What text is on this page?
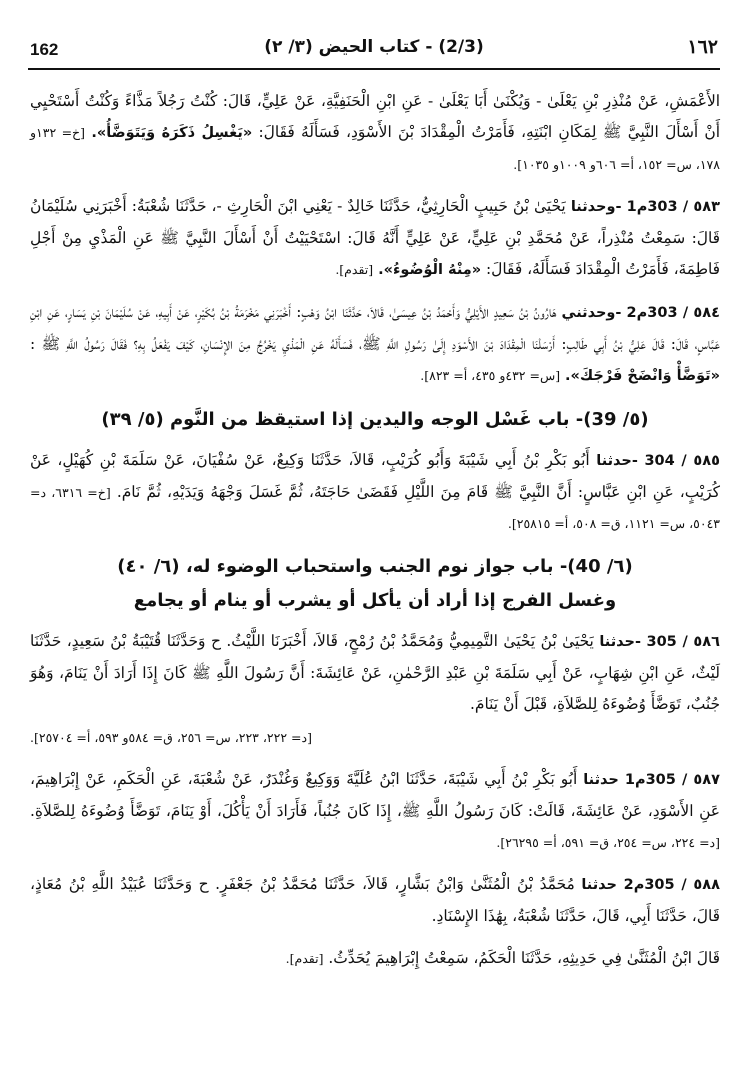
162	(2/3) - كتاب الحيض (٣/ ٢)	١٦٢

الأَعْمَشِ، عَنْ مُنْذِرِ بْنِ يَعْلَىٰ - وَيُكْنَىٰ أَبَا يَعْلَىٰ - عَنِ ابْنِ الْحَنَفِيَّةِ، عَنْ عَلِيٍّ، قَالَ: كُنْتُ رَجُلاً مَذَّاءً وَكُنْتُ أَسْتَحْيِي أَنْ أَسْأَلَ النَّبِيَّ ﷺ لِمَكَانِ ابْنَتِهِ، فَأَمَرْتُ الْمِقْدَادَ بْنَ الأَسْوَدِ، فَسَأَلَهُ فَقَالَ: «يَغْسِلُ ذَكَرَهُ وَيَتَوَضَّأُ». [خ= ١٣٢و ١٧٨، س= ١٥٢، أ= ٦٠٦و ١٠٠٩و ١٠٣٥].

٥٨٣ / 303م1 -وحدثنا يَحْيَىٰ بْنُ حَبِيبٍ الْحَارِثِيُّ، حَدَّثَنَا خَالِدٌ - يَعْنِي ابْنَ الْحَارِثِ -، حَدَّثَنَا شُعْبَةُ: أَخْبَرَنِي سُلَيْمَانُ قَالَ: سَمِعْتُ مُنْذِراً، عَنْ مُحَمَّدِ بْنِ عَلِيٍّ، عَنْ عَلِيٍّ أَنَّهُ قَالَ: اسْتَحْيَيْتُ أَنْ أَسْأَلَ النَّبِيَّ ﷺ عَنِ الْمَذْيِ مِنْ أَجْلِ فَاطِمَةَ، فَأَمَرْتُ الْمِقْدَادَ فَسَأَلَهُ، فَقَالَ: «مِنْهُ الْوُضُوءُ». [تقدم].

٥٨٤ / 303م2 -وحدثني هَارُونُ بْنُ سَعِيدٍ الأَيْلِيُّ وَأَحْمَدُ بْنُ عِيسَىٰ، قَالاَ، حَدَّثَنَا ابْنُ وَهْبٍ: أَخْبَرَنِي مَخْرَمَةُ بْنُ بُكَيْرٍ، عَنْ أَبِيهِ، عَنْ سُلَيْمَانَ بْنِ يَسَارٍ، عَنِ ابْنِ عَبَّاسٍ، قَالَ: قَالَ عَلِيُّ بْنُ أَبِي طَالِبٍ: أَرْسَلْنَا الْمِقْدَادَ بْنَ الأَسْوَدِ إِلَىٰ رَسُولِ اللَّهِ ﷺ، فَسَأَلَهُ عَنِ الْمَذْيِ يَخْرُجُ مِنَ الإِنْسَانِ، كَيْفَ يَفْعَلُ بِهِ؟ فَقَالَ رَسُولُ اللَّهِ ﷺ : «تَوَضَّأْ وَانْضَحْ فَرْجَكَ». [س= ٤٣٢و ٤٣٥، أ= ٨٢٣].

(٥/ 39)- باب غَسْل الوجه واليدين إذا استيقظ من النَّوم (٥/ ٣٩)

٥٨٥ / 304 -حدثنا أَبُو بَكْرِ بْنُ أَبِي شَيْبَةَ وَأَبُو كُرَيْبٍ، قَالاَ، حَدَّثَنَا وَكِيعٌ، عَنْ سُفْيَانَ، عَنْ سَلَمَةَ بْنِ كُهَيْلٍ، عَنْ كُرَيْبٍ، عَنِ ابْنِ عَبَّاسٍ: أَنَّ النَّبِيَّ ﷺ قَامَ مِنَ اللَّيْلِ فَقَضَىٰ حَاجَتَهُ، ثُمَّ غَسَلَ وَجْهَهُ وَيَدَيْهِ، ثُمَّ نَامَ. [خ= ٦٣١٦، د= ٥٠٤٣، س= ١١٢١، ق= ٥٠٨، أ= ٢٥٨١٥].

(٦/ 40)- باب جواز نوم الجنب واستحباب الوضوء له، (٦/ ٤٠)
وغسل الفرج إذا أراد أن يأكل أو يشرب أو ينام أو يجامع

٥٨٦ / 305 -حدثنا يَحْيَىٰ بْنُ يَحْيَىٰ التَّمِيمِيُّ وَمُحَمَّدُ بْنُ رُمْحٍ، قَالاَ، أَخْبَرَنَا اللَّيْثُ. ح وَحَدَّثَنَا قُتَيْبَةُ بْنُ سَعِيدٍ، حَدَّثَنَا لَيْثٌ، عَنِ ابْنِ شِهَابٍ، عَنْ أَبِي سَلَمَةَ بْنِ عَبْدِ الرَّحْمٰنِ، عَنْ عَائِشَةَ: أَنَّ رَسُولَ اللَّهِ ﷺ كَانَ إِذَا أَرَادَ أَنْ يَنَامَ، وَهُوَ جُنُبٌ، تَوَضَّأَ وُضُوءَهُ لِلصَّلاَةِ، قَبْلَ أَنْ يَنَامَ.

[د= ٢٢٢، ٢٢٣، س= ٢٥٦، ق= ٥٨٤و ٥٩٣، أ= ٢٥٧٠٤].

٥٨٧ / 305م1 حدثنا أَبُو بَكْرِ بْنُ أَبِي شَيْبَةَ، حَدَّثَنَا ابْنُ عُلَيَّةَ وَوَكِيعٌ وَغُنْدَرٌ، عَنْ شُعْبَةَ، عَنِ الْحَكَمِ، عَنْ إِبْرَاهِيمَ، عَنِ الأَسْوَدِ، عَنْ عَائِشَةَ، قَالَتْ: كَانَ رَسُولُ اللَّهِ ﷺ، إِذَا كَانَ جُنُباً، فَأَرَادَ أَنْ يَأْكُلَ، أَوْ يَنَامَ، تَوَضَّأَ وُضُوءَهُ لِلصَّلاَةِ. [د= ٢٢٤، س= ٢٥٤، ق= ٥٩١، أ= ٢٦٢٩٥].

٥٨٨ / 305م2 حدثنا مُحَمَّدُ بْنُ الْمُثَنَّىٰ وَابْنُ بَشَّارٍ، قَالاَ، حَدَّثَنَا مُحَمَّدُ بْنُ جَعْفَرٍ. ح وَحَدَّثَنَا عُبَيْدُ اللَّهِ بْنُ مُعَاذٍ، قَالَ، حَدَّثَنَا أَبِي، قَالَ، حَدَّثَنَا شُعْبَةُ، بِهَٰذَا الإِسْنَادِ.

قَالَ ابْنُ الْمُثَنَّىٰ فِي حَدِيثِهِ، حَدَّثَنَا الْحَكَمُ، سَمِعْتُ إِبْرَاهِيمَ يُحَدِّثُ. [تقدم].
